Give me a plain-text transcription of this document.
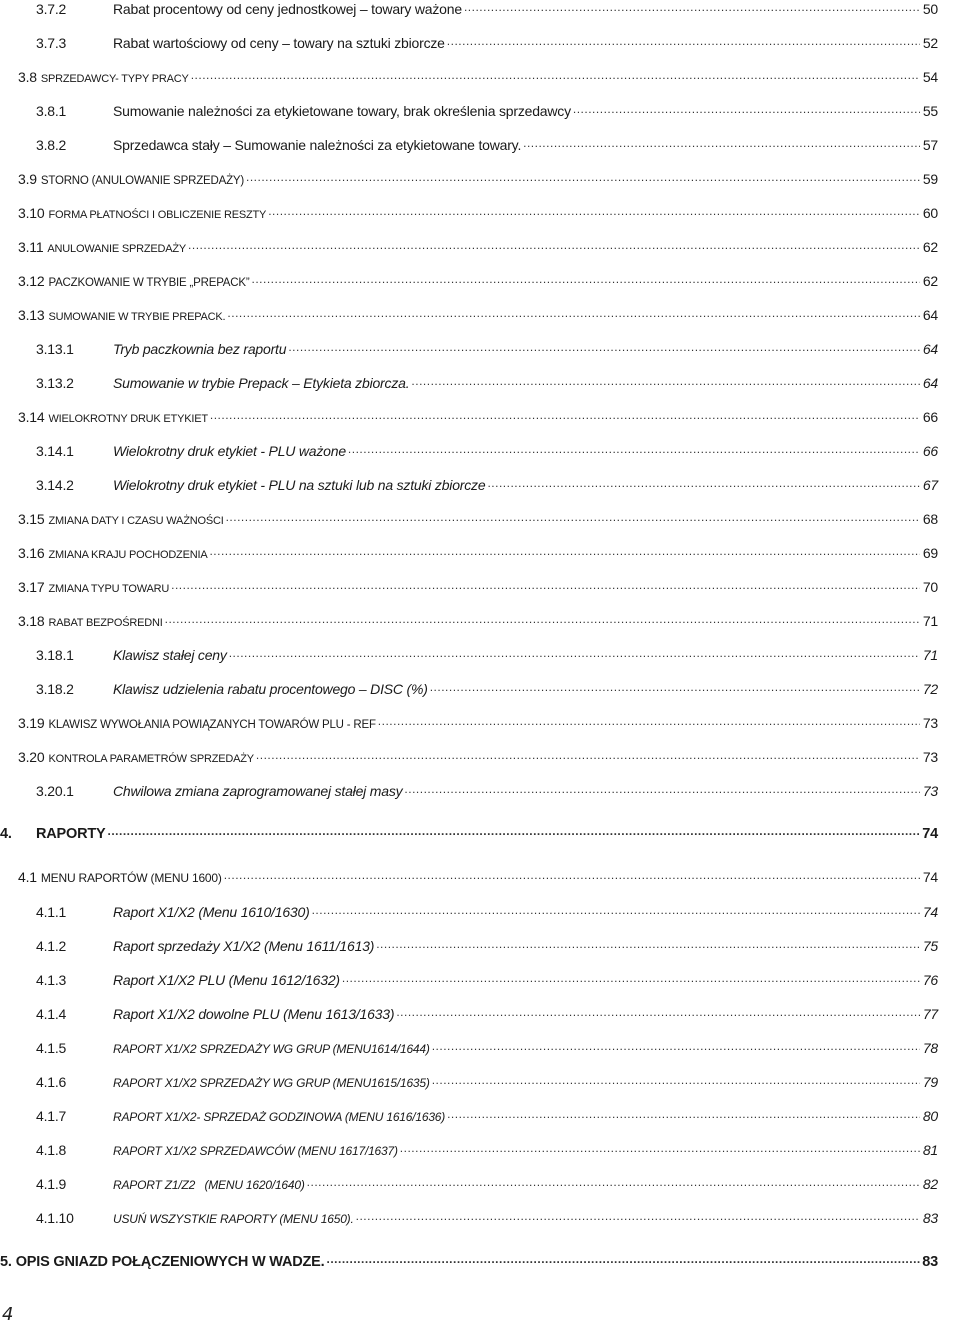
3.7.2	Rabat procentowy od ceny jednostkowej – towary ważone .....	50
3.7.3	Rabat wartościowy od ceny – towary na sztuki zbiorcze .....	52
3.8 SPRZEDAWCY- TYPY PRACY .....	54
3.8.1	Sumowanie należności za etykietowane towary, brak określenia sprzedawcy .....	55
3.8.2	Sprzedawca stały – Sumowanie należności za etykietowane towary. .....	57
3.9 STORNO (ANULOWANIE SPRZEDAŻY) .....	59
3.10 FORMA PŁATNOŚCI I OBLICZENIE RESZTY .....	60
3.11 ANULOWANIE SPRZEDAŻY .....	62
3.12 PACZKOWANIE W TRYBIE „PREPACK” .....	62
3.13 SUMOWANIE W TRYBIE PREPACK. .....	64
3.13.1	Tryb paczkownia bez raportu .....	64
3.13.2	Sumowanie w trybie Prepack – Etykieta zbiorcza. .....	64
3.14 WIELOKROTNY DRUK ETYKIET .....	66
3.14.1	Wielokrotny druk etykiet - PLU ważone .....	66
3.14.2	Wielokrotny druk etykiet - PLU na sztuki lub na sztuki zbiorcze .....	67
3.15 ZMIANA DATY I CZASU WAŻNOŚCI .....	68
3.16 ZMIANA KRAJU POCHODZENIA .....	69
3.17 ZMIANA TYPU TOWARU .....	70
3.18 RABAT BEZPOŚREDNI .....	71
3.18.1	Klawisz stałej ceny .....	71
3.18.2	Klawisz udzielenia rabatu procentowego – DISC (%) .....	72
3.19 KLAWISZ WYWOŁANIA POWIĄZANYCH TOWARÓW PLU - REF .....	73
3.20 KONTROLA PARAMETRÓW SPRZEDAŻY .....	73
3.20.1	Chwilowa zmiana zaprogramowanej stałej masy .....	73
4.	RAPORTY .....	74
4.1 MENU RAPORTÓW (MENU 1600) .....	74
4.1.1	Raport X1/X2 (Menu 1610/1630) .....	74
4.1.2	Raport sprzedaży X1/X2 (Menu 1611/1613) .....	75
4.1.3	Raport X1/X2 PLU (Menu 1612/1632) .....	76
4.1.4	Raport X1/X2 dowolne PLU (Menu 1613/1633) .....	77
4.1.5	RAPORT X1/X2 SPRZEDAŻY WG GRUP (MENU1614/1644) .....	78
4.1.6	RAPORT X1/X2 SPRZEDAŻY WG GRUP (MENU1615/1635) .....	79
4.1.7	RAPORT X1/X2- SPRZEDAŻ GODZINOWA (MENU 1616/1636) .....	80
4.1.8	RAPORT X1/X2 SPRZEDAWCÓW (MENU 1617/1637) .....	81
4.1.9	RAPORT Z1/Z2   (MENU 1620/1640) .....	82
4.1.10	USUŃ WSZYSTKIE RAPORTY (MENU 1650). .....	83
5. OPIS GNIAZD POŁĄCZENIOWYCH W WADZE. .....	83
4
